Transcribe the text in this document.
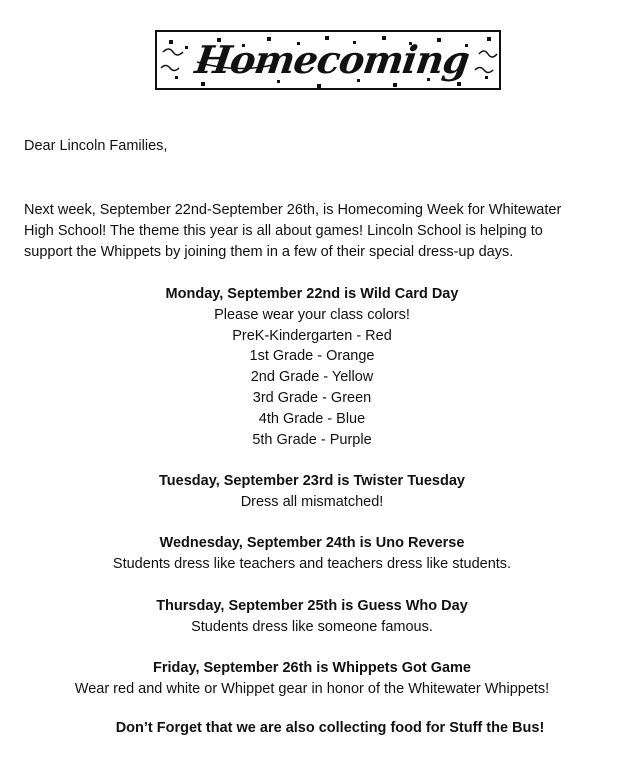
Homecoming
Dear Lincoln Families,
Next week, September 22nd-September 26th, is Homecoming Week for Whitewater High School! The theme this year is all about games! Lincoln School is helping to support the Whippets by joining them in a few of their special dress-up days.
Monday, September 22nd is Wild Card Day
Please wear your class colors!
PreK-Kindergarten - Red
1st Grade - Orange
2nd Grade - Yellow
3rd Grade - Green
4th Grade - Blue
5th Grade - Purple
Tuesday, September 23rd is Twister Tuesday
Dress all mismatched!
Wednesday, September 24th is Uno Reverse
Students dress like teachers and teachers dress like students.
Thursday, September 25th is Guess Who Day
Students dress like someone famous.
Friday, September 26th is Whippets Got Game
Wear red and white or Whippet gear in honor of the Whitewater Whippets!
Don’t Forget that we are also collecting food for Stuff the Bus!
